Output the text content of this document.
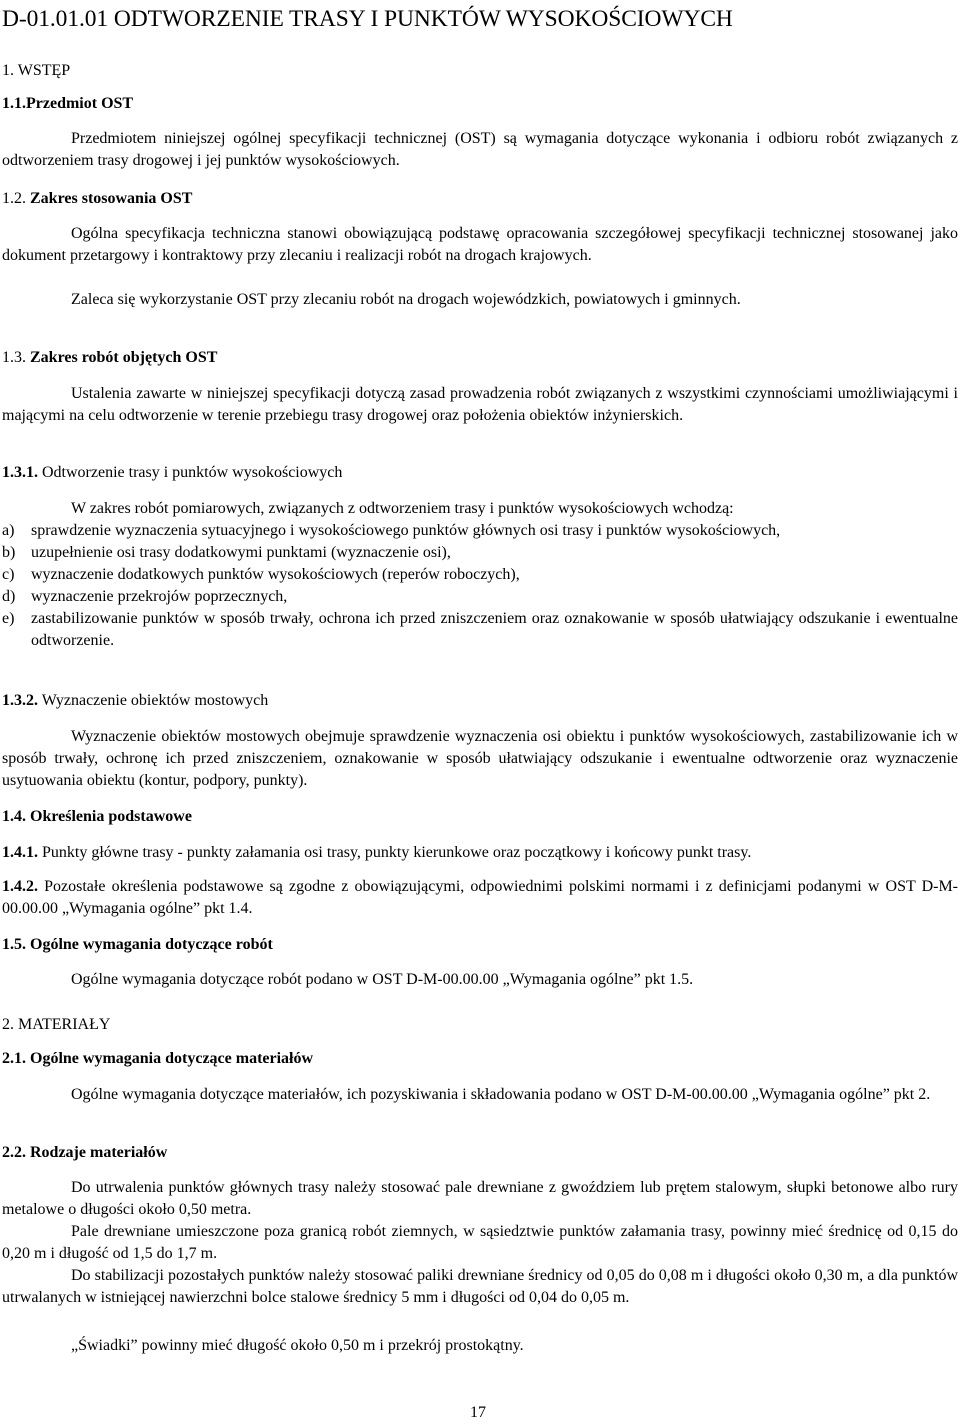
D-01.01.01 ODTWORZENIE TRASY I PUNKTÓW WYSOKOŚCIOWYCH
1. WSTĘP
1.1.Przedmiot OST
Przedmiotem niniejszej ogólnej specyfikacji technicznej (OST) są wymagania dotyczące wykonania i odbioru robót związanych z odtworzeniem trasy drogowej i jej punktów wysokościowych.
1.2. Zakres stosowania OST
Ogólna specyfikacja techniczna stanowi obowiązującą podstawę opracowania szczegółowej specyfikacji technicznej stosowanej jako dokument przetargowy i kontraktowy przy zlecaniu i realizacji robót na drogach krajowych.
Zaleca się wykorzystanie OST przy zlecaniu robót na drogach wojewódzkich, powiatowych i gminnych.
1.3. Zakres robót objętych OST
Ustalenia zawarte w niniejszej specyfikacji dotyczą zasad prowadzenia robót związanych z wszystkimi czynnościami umożliwiającymi i mającymi na celu odtworzenie w terenie przebiegu trasy drogowej oraz położenia obiektów inżynierskich.
1.3.1. Odtworzenie trasy i punktów wysokościowych
W zakres robót pomiarowych, związanych z odtworzeniem trasy i punktów wysokościowych wchodzą:
a)	sprawdzenie wyznaczenia sytuacyjnego i wysokościowego punktów głównych osi trasy i punktów wysokościowych,
b) uzupełnienie osi trasy dodatkowymi punktami (wyznaczenie osi),
c)	wyznaczenie dodatkowych punktów wysokościowych (reperów roboczych),
d) wyznaczenie przekrojów poprzecznych,
e)	zastabilizowanie punktów w sposób trwały, ochrona ich przed zniszczeniem oraz oznakowanie w sposób ułatwiający odszukanie i ewentualne odtworzenie.
1.3.2. Wyznaczenie obiektów mostowych
Wyznaczenie obiektów mostowych obejmuje sprawdzenie wyznaczenia osi obiektu i punktów wysokościowych, zastabilizowanie ich w sposób trwały, ochronę ich przed zniszczeniem, oznakowanie w sposób ułatwiający odszukanie i ewentualne odtworzenie oraz wyznaczenie usytuowania obiektu (kontur, podpory, punkty).
1.4. Określenia podstawowe
1.4.1. Punkty główne trasy - punkty załamania osi trasy, punkty kierunkowe oraz początkowy i końcowy punkt trasy.
1.4.2. Pozostałe określenia podstawowe są zgodne z obowiązującymi, odpowiednimi polskimi normami i z definicjami podanymi w OST D-M-00.00.00 „Wymagania ogólne” pkt 1.4.
1.5. Ogólne wymagania dotyczące robót
Ogólne wymagania dotyczące robót podano w OST D-M-00.00.00 „Wymagania ogólne” pkt 1.5.
2. MATERIAŁY
2.1. Ogólne wymagania dotyczące materiałów
Ogólne wymagania dotyczące materiałów, ich pozyskiwania i składowania podano w OST D-M-00.00.00 „Wymagania ogólne” pkt 2.
2.2. Rodzaje materiałów
Do utrwalenia punktów głównych trasy należy stosować pale drewniane z gwoździem lub prętem stalowym, słupki betonowe albo rury metalowe o długości około 0,50 metra.
Pale drewniane umieszczone poza granicą robót ziemnych, w sąsiedztwie punktów załamania trasy, powinny mieć średnicę od 0,15 do 0,20 m i długość od 1,5 do 1,7 m.
Do stabilizacji pozostałych punktów należy stosować paliki drewniane średnicy od 0,05 do 0,08 m i długości około 0,30 m, a dla punktów utrwalanych w istniejącej nawierzchni bolce stalowe średnicy 5 mm i długości od 0,04 do 0,05 m.
„Świadki” powinny mieć długość około 0,50 m i przekrój prostokątny.
17
